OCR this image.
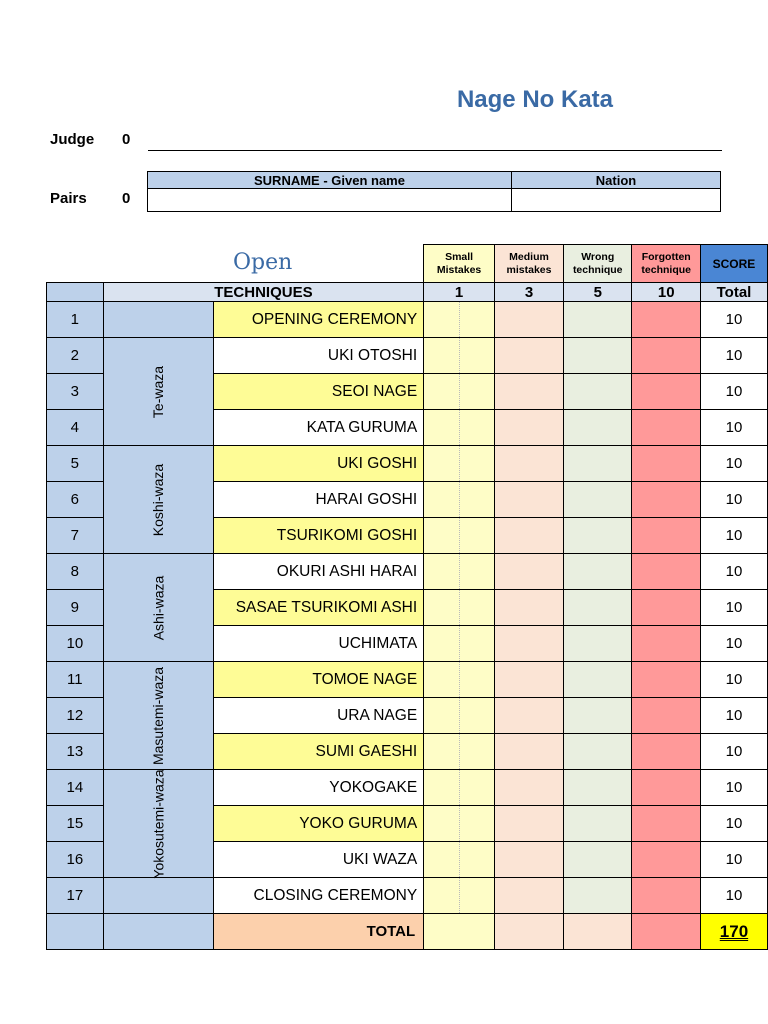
Nage No Kata
Judge 0
Pairs 0
SURNAME - Given name	Nation

Open
			Small Mistakes	Medium mistakes	Wrong technique	Forgotten technique	SCORE
	TECHNIQUES		1	3	5	10	Total
1		OPENING CEREMONY					10
2	Te-waza	UKI OTOSHI					10
3		SEOI NAGE					10
4		KATA GURUMA					10
5	Koshi-waza	UKI GOSHI					10
6		HARAI GOSHI					10
7		TSURIKOMI GOSHI					10
8	Ashi-waza	OKURI ASHI HARAI					10
9		SASAE TSURIKOMI ASHI					10
10		UCHIMATA					10
11	Masutemi-waza	TOMOE NAGE					10
12		URA NAGE					10
13		SUMI GAESHI					10
14	Yokosutemi-waza	YOKOGAKE					10
15		YOKO GURUMA					10
16		UKI WAZA					10
17		CLOSING CEREMONY					10
		TOTAL					170
